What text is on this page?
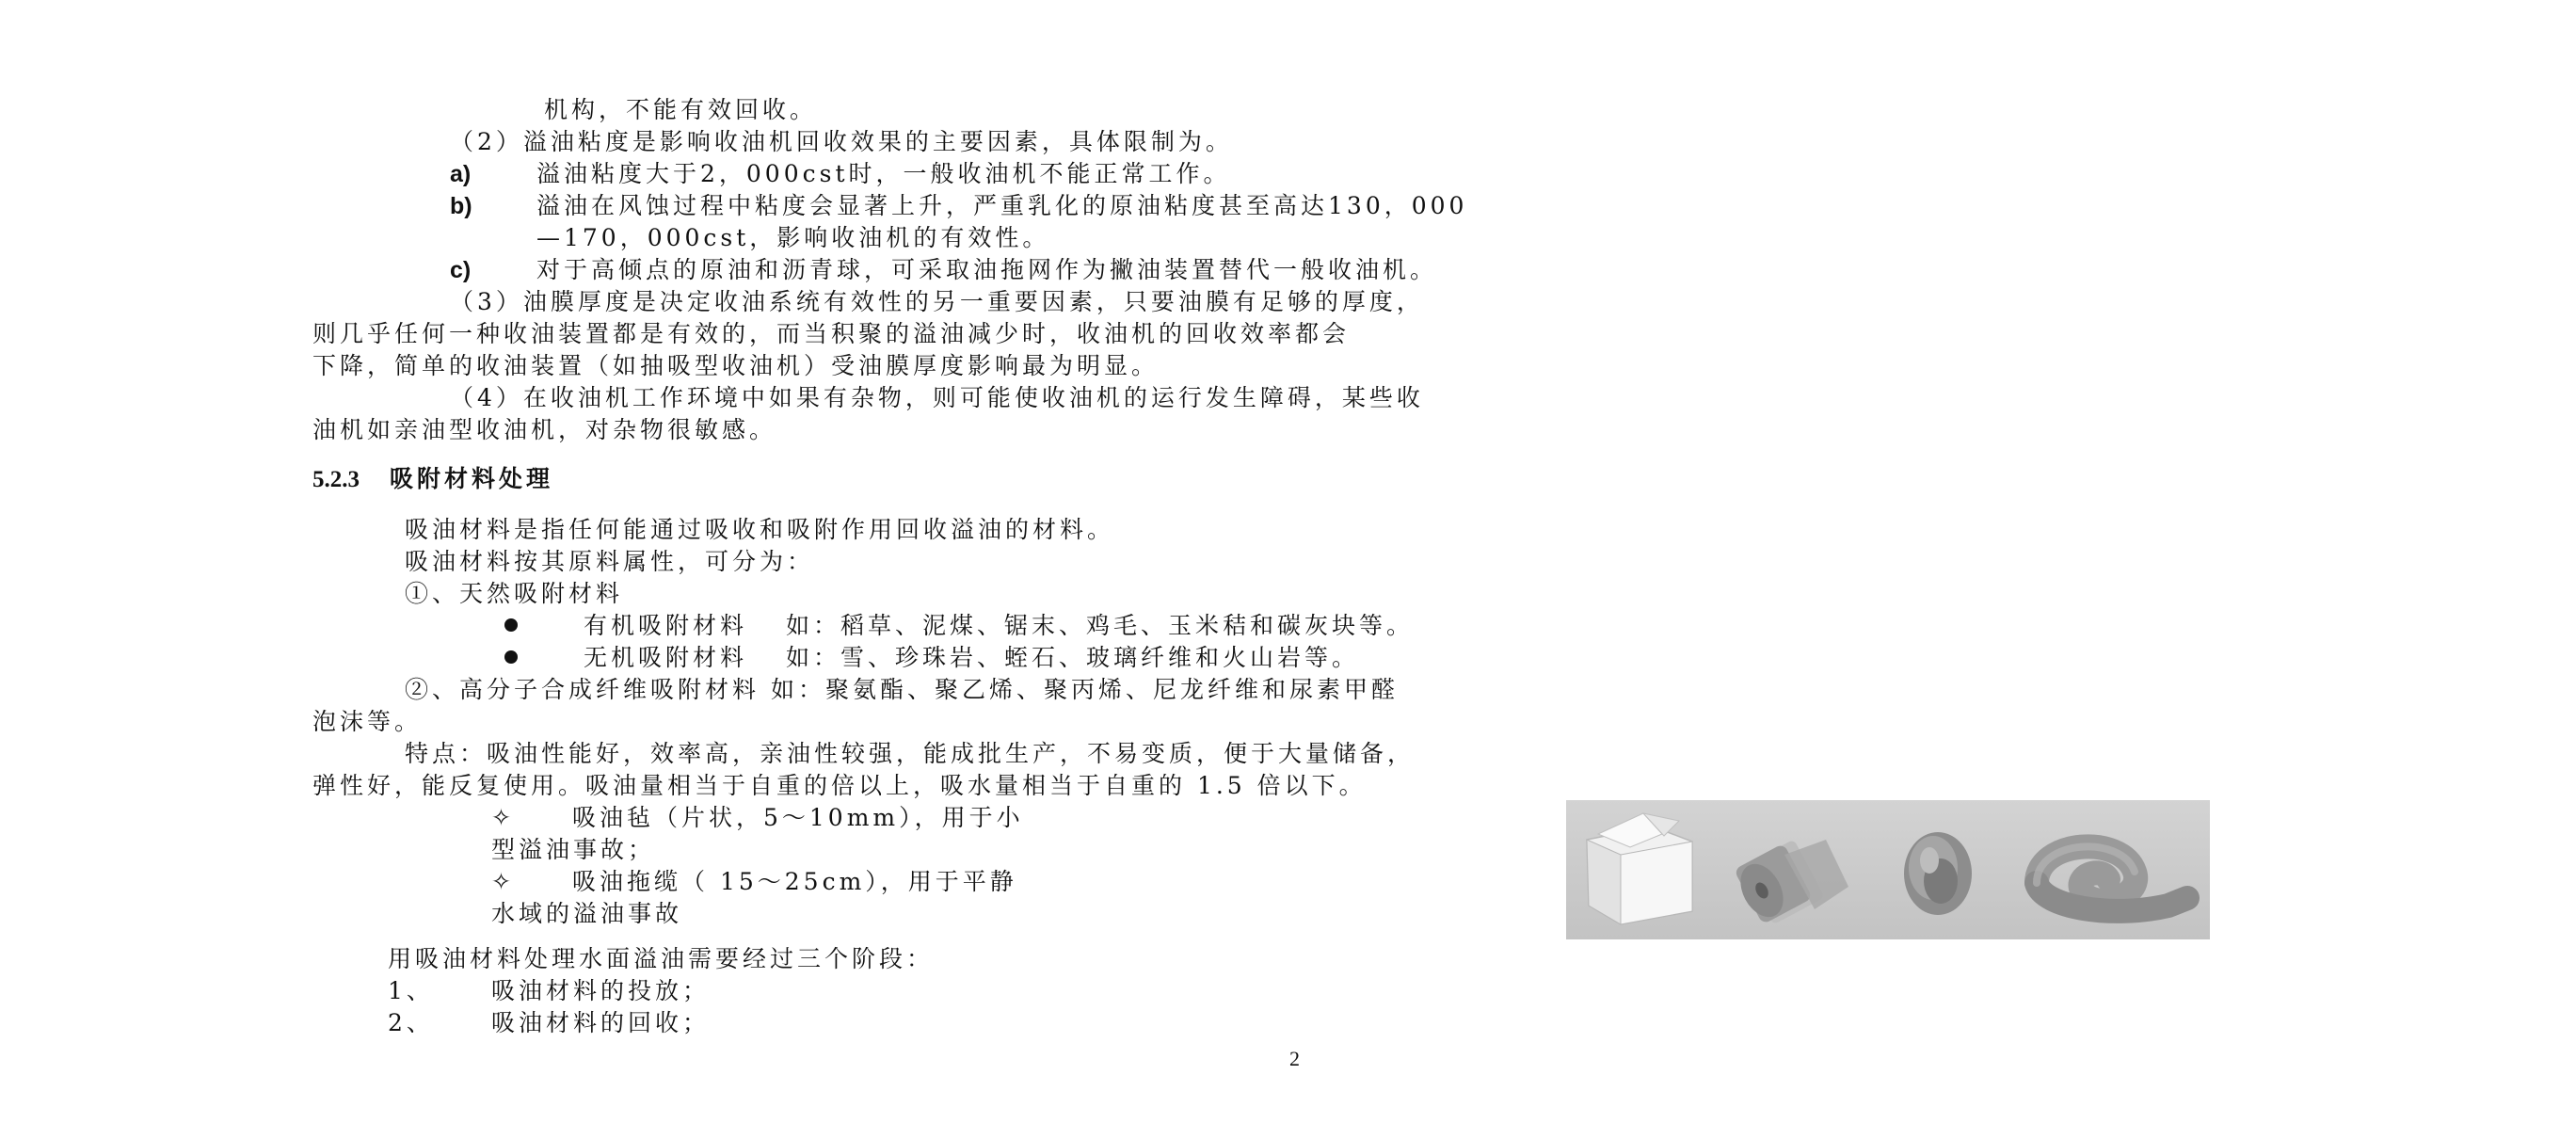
机构，不能有效回收。
（2）溢油粘度是影响收油机回收效果的主要因素，具体限制为。
a)	溢油粘度大于2，000cst时，一般收油机不能正常工作。
b)	溢油在风蚀过程中粘度会显著上升，严重乳化的原油粘度甚至高达130，000
—170，000cst，影响收油机的有效性。
c)	对于高倾点的原油和沥青球，可采取油拖网作为撇油装置替代一般收油机。
（3）油膜厚度是决定收油系统有效性的另一重要因素，只要油膜有足够的厚度，
则几乎任何一种收油装置都是有效的，而当积聚的溢油减少时，收油机的回收效率都会
下降，简单的收油装置（如抽吸型收油机）受油膜厚度影响最为明显。
（4）在收油机工作环境中如果有杂物，则可能使收油机的运行发生障碍，某些收
油机如亲油型收油机，对杂物很敏感。
5.2.3 吸附材料处理
吸油材料是指任何能通过吸收和吸附作用回收溢油的材料。
吸油材料按其原料属性，可分为：
①、天然吸附材料
有机吸附材料　 如：稻草、泥煤、锯末、鸡毛、玉米秸和碳灰块等。
无机吸附材料　 如：雪、珍珠岩、蛭石、玻璃纤维和火山岩等。
②、高分子合成纤维吸附材料 如：聚氨酯、聚乙烯、聚丙烯、尼龙纤维和尿素甲醛
泡沫等。
特点：吸油性能好，效率高，亲油性较强，能成批生产，不易变质，便于大量储备，
弹性好，能反复使用。吸油量相当于自重的倍以上，吸水量相当于自重的 1.5 倍以下。
✧	吸油毡（片状，5～10mm），用于小
型溢油事故；
✧	吸油拖缆（ 15～25cm），用于平静
水域的溢油事故
用吸油材料处理水面溢油需要经过三个阶段：
1、 吸油材料的投放；
2、 吸油材料的回收；
2
